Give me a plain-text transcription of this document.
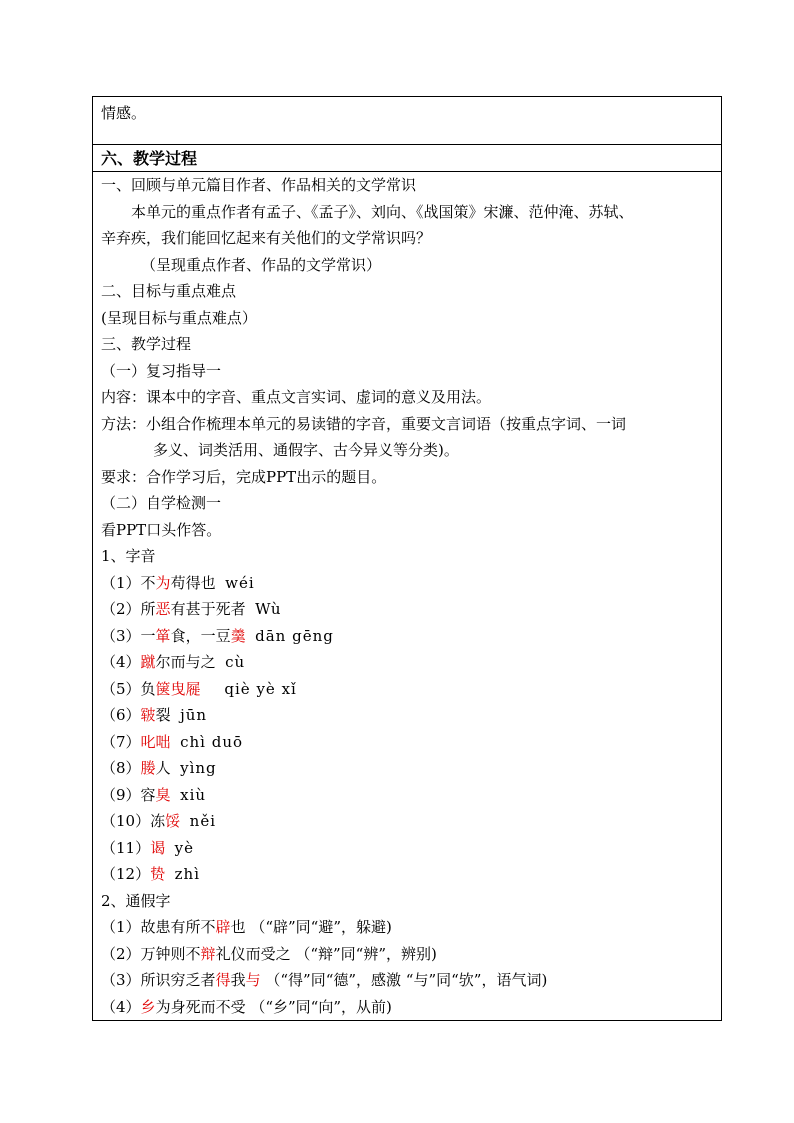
情感。
六、教学过程
一、回顾与单元篇目作者、作品相关的文学常识
本单元的重点作者有孟子、《孟子》、刘向、《战国策》宋濂、范仲淹、苏轼、
辛弃疾，我们能回忆起来有关他们的文学常识吗？
（呈现重点作者、作品的文学常识）
二、目标与重点难点
(呈现目标与重点难点）
三、教学过程
（一）复习指导一
内容：课本中的字音、重点文言实词、虚词的意义及用法。
方法：小组合作梳理本单元的易读错的字音，重要文言词语（按重点字词、一词
多义、词类活用、通假字、古今异义等分类)。
要求：合作学习后，完成PPT出示的题目。
（二）自学检测一
看PPT口头作答。
1、字音
（1）不为苟得也 wéi
（2）所恶有甚于死者 Wù
（3）一箪食，一豆羹 dān gēng
（4）蹴尔而与之 cù
（5）负箧曳屣 qiè yè xǐ
（6）皲裂 jūn
（7）叱咄 chì duō
（8）媵人 yìng
（9）容臭 xiù
（10）冻馁 něi
（11）谒 yè
（12）贽 zhì
2、通假字
（1）故患有所不辟也 （“辟”同“避”，躲避)
（2）万钟则不辩礼仪而受之 （“辩”同“辨”，辨别)
（3）所识穷乏者得我与 （“得”同“德”，感激 “与”同“欤”，语气词)
（4）乡为身死而不受 （“乡”同“向”，从前)
